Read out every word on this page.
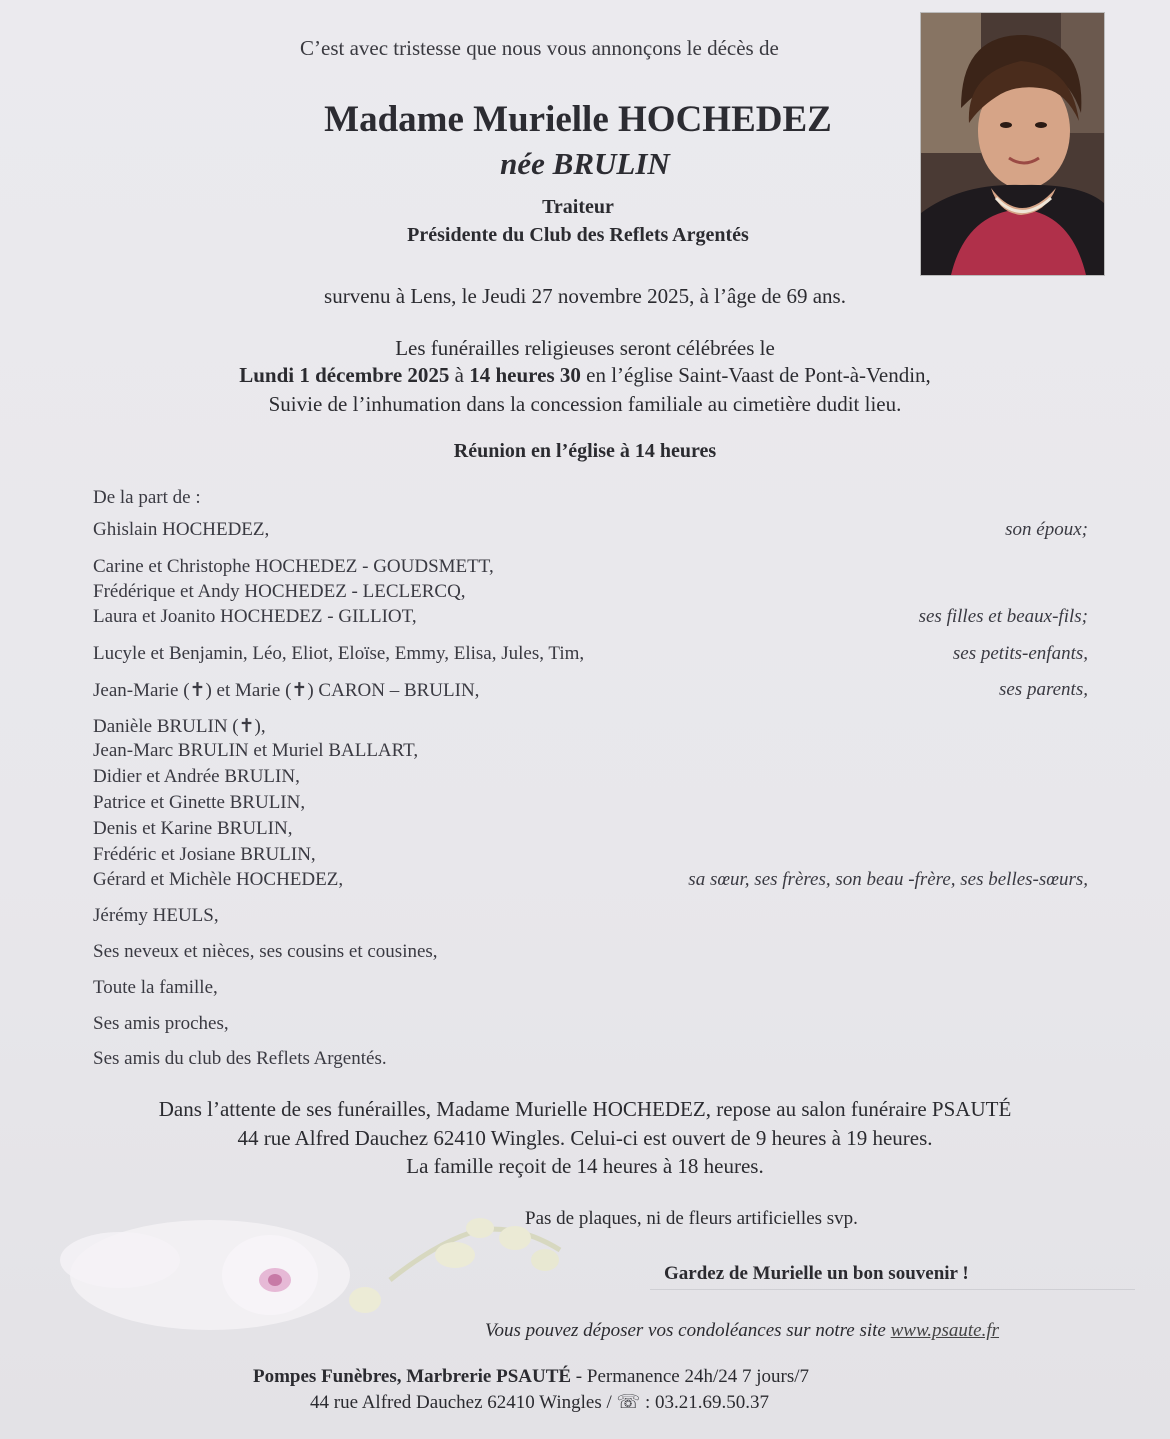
C’est avec tristesse que nous vous annonçons le décès de
Madame Murielle HOCHEDEZ
née BRULIN
Traiteur
Présidente du Club des Reflets Argentés
survenu à Lens, le Jeudi 27 novembre 2025, à l’âge de 69 ans.
Les funérailles religieuses seront célébrées le
Lundi 1 décembre 2025 à 14 heures 30 en l’église Saint-Vaast de Pont-à-Vendin,
Suivie de l’inhumation dans la concession familiale au cimetière dudit lieu.
Réunion en l’église à 14 heures
De la part de :
Ghislain HOCHEDEZ,	son époux;
Carine et Christophe HOCHEDEZ - GOUDSMETT,
Frédérique et Andy HOCHEDEZ - LECLERCQ,
Laura et Joanito HOCHEDEZ - GILLIOT,	ses filles et beaux-fils;
Lucyle et Benjamin, Léo, Eliot, Eloïse, Emmy, Elisa, Jules, Tim,	ses petits-enfants,
Jean-Marie (✝) et Marie (✝) CARON – BRULIN,	ses parents,
Danièle BRULIN (✝),
Jean-Marc BRULIN et Muriel BALLART,
Didier et Andrée BRULIN,
Patrice et Ginette BRULIN,
Denis et Karine BRULIN,
Frédéric et Josiane BRULIN,
Gérard et Michèle HOCHEDEZ,	sa sœur, ses frères, son beau -frère, ses belles-sœurs,
Jérémy HEULS,
Ses neveux et nièces, ses cousins et cousines,
Toute la famille,
Ses amis proches,
Ses amis du club des Reflets Argentés.
Dans l’attente de ses funérailles, Madame Murielle HOCHEDEZ, repose au salon funéraire PSAUTÉ
44 rue Alfred Dauchez 62410 Wingles. Celui-ci est ouvert de 9 heures à 19 heures.
La famille reçoit de 14 heures à 18 heures.
Pas de plaques, ni de fleurs artificielles svp.
Gardez de Murielle un bon souvenir !
Vous pouvez déposer vos condoléances sur notre site www.psaute.fr
Pompes Funèbres, Marbrerie PSAUTÉ - Permanence 24h/24 7 jours/7
44 rue Alfred Dauchez 62410 Wingles / ☏ : 03.21.69.50.37
